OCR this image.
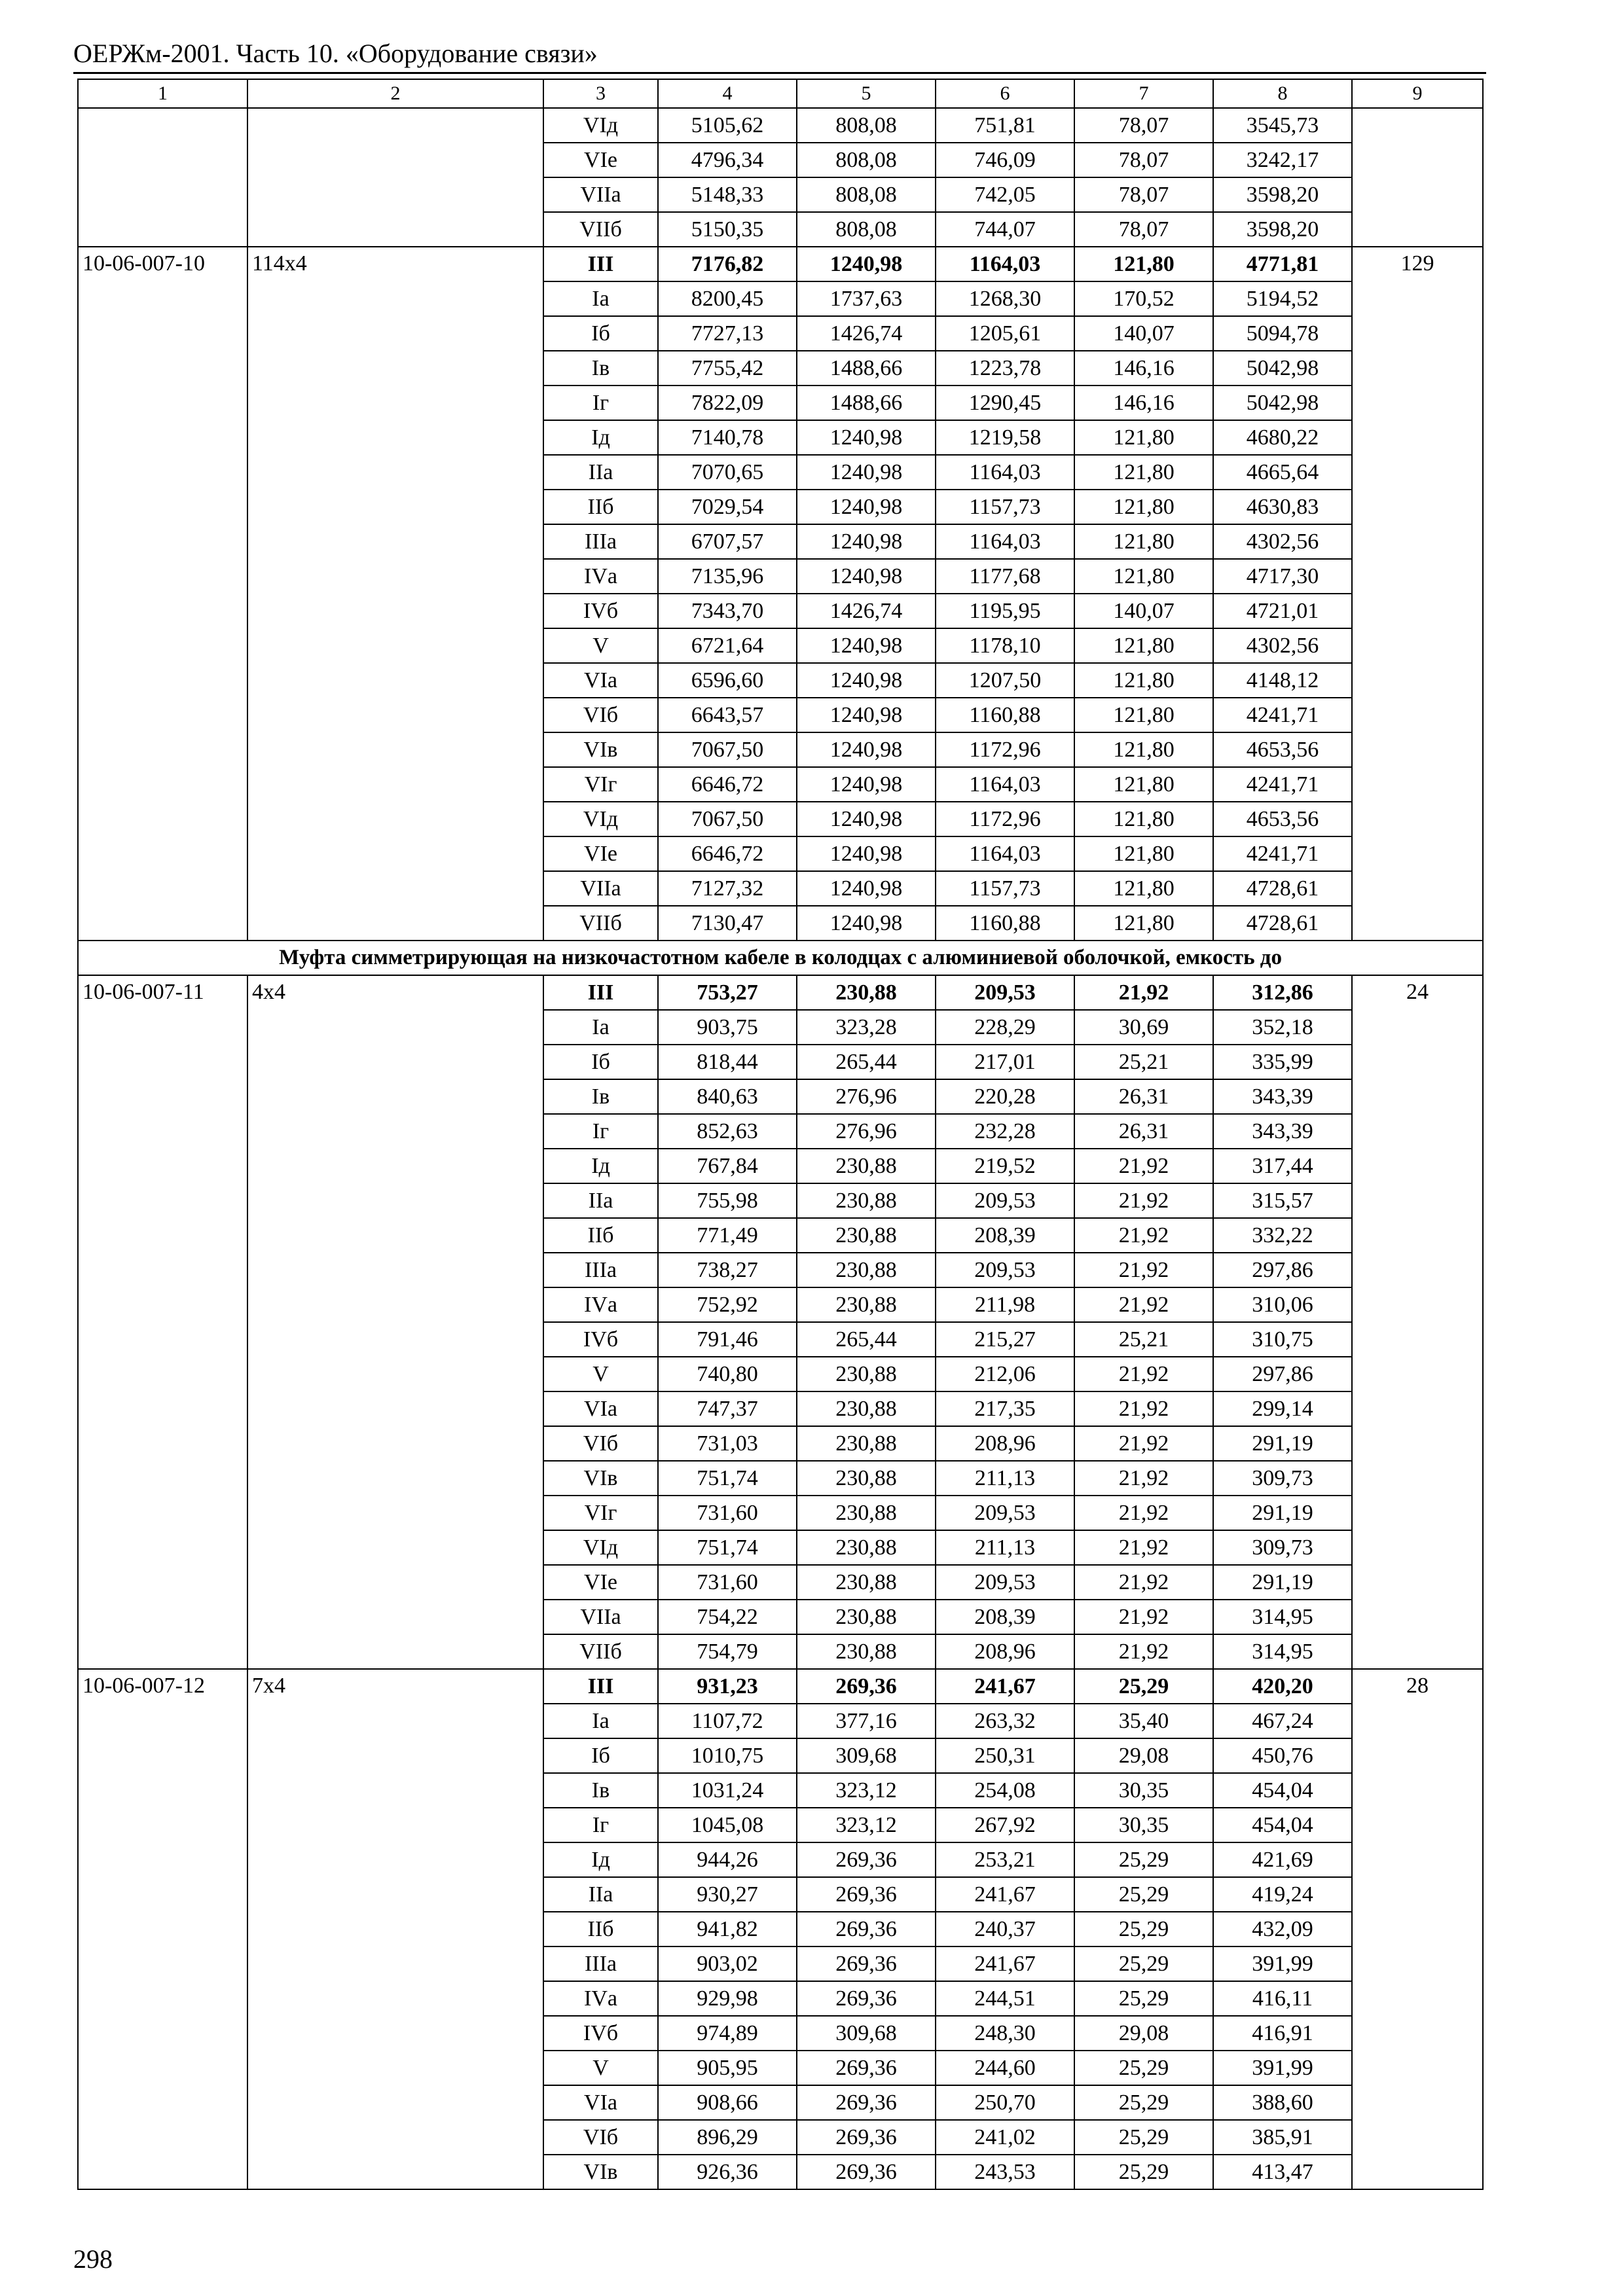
ОЕРЖм-2001. Часть 10. «Оборудование связи»
1	2	3	4	5	6	7	8	9
		VIд	5105,62	808,08	751,81	78,07	3545,73	
		VIе	4796,34	808,08	746,09	78,07	3242,17	
		VIIа	5148,33	808,08	742,05	78,07	3598,20	
		VIIб	5150,35	808,08	744,07	78,07	3598,20	
10-06-007-10	114x4	III	7176,82	1240,98	1164,03	121,80	4771,81	129
		Iа	8200,45	1737,63	1268,30	170,52	5194,52	
		Iб	7727,13	1426,74	1205,61	140,07	5094,78	
		Iв	7755,42	1488,66	1223,78	146,16	5042,98	
		Iг	7822,09	1488,66	1290,45	146,16	5042,98	
		Iд	7140,78	1240,98	1219,58	121,80	4680,22	
		IIа	7070,65	1240,98	1164,03	121,80	4665,64	
		IIб	7029,54	1240,98	1157,73	121,80	4630,83	
		IIIа	6707,57	1240,98	1164,03	121,80	4302,56	
		IVа	7135,96	1240,98	1177,68	121,80	4717,30	
		IVб	7343,70	1426,74	1195,95	140,07	4721,01	
		V	6721,64	1240,98	1178,10	121,80	4302,56	
		VIа	6596,60	1240,98	1207,50	121,80	4148,12	
		VIб	6643,57	1240,98	1160,88	121,80	4241,71	
		VIв	7067,50	1240,98	1172,96	121,80	4653,56	
		VIг	6646,72	1240,98	1164,03	121,80	4241,71	
		VIд	7067,50	1240,98	1172,96	121,80	4653,56	
		VIе	6646,72	1240,98	1164,03	121,80	4241,71	
		VIIа	7127,32	1240,98	1157,73	121,80	4728,61	
		VIIб	7130,47	1240,98	1160,88	121,80	4728,61	
Муфта симметрирующая на низкочастотном кабеле в колодцах с алюминиевой оболочкой, емкость до								
10-06-007-11	4x4	III	753,27	230,88	209,53	21,92	312,86	24
		Iа	903,75	323,28	228,29	30,69	352,18	
		Iб	818,44	265,44	217,01	25,21	335,99	
		Iв	840,63	276,96	220,28	26,31	343,39	
		Iг	852,63	276,96	232,28	26,31	343,39	
		Iд	767,84	230,88	219,52	21,92	317,44	
		IIа	755,98	230,88	209,53	21,92	315,57	
		IIб	771,49	230,88	208,39	21,92	332,22	
		IIIа	738,27	230,88	209,53	21,92	297,86	
		IVа	752,92	230,88	211,98	21,92	310,06	
		IVб	791,46	265,44	215,27	25,21	310,75	
		V	740,80	230,88	212,06	21,92	297,86	
		VIа	747,37	230,88	217,35	21,92	299,14	
		VIб	731,03	230,88	208,96	21,92	291,19	
		VIв	751,74	230,88	211,13	21,92	309,73	
		VIг	731,60	230,88	209,53	21,92	291,19	
		VIд	751,74	230,88	211,13	21,92	309,73	
		VIе	731,60	230,88	209,53	21,92	291,19	
		VIIа	754,22	230,88	208,39	21,92	314,95	
		VIIб	754,79	230,88	208,96	21,92	314,95	
10-06-007-12	7x4	III	931,23	269,36	241,67	25,29	420,20	28
		Iа	1107,72	377,16	263,32	35,40	467,24	
		Iб	1010,75	309,68	250,31	29,08	450,76	
		Iв	1031,24	323,12	254,08	30,35	454,04	
		Iг	1045,08	323,12	267,92	30,35	454,04	
		Iд	944,26	269,36	253,21	25,29	421,69	
		IIа	930,27	269,36	241,67	25,29	419,24	
		IIб	941,82	269,36	240,37	25,29	432,09	
		IIIа	903,02	269,36	241,67	25,29	391,99	
		IVа	929,98	269,36	244,51	25,29	416,11	
		IVб	974,89	309,68	248,30	29,08	416,91	
		V	905,95	269,36	244,60	25,29	391,99	
		VIа	908,66	269,36	250,70	25,29	388,60	
		VIб	896,29	269,36	241,02	25,29	385,91	
		VIв	926,36	269,36	243,53	25,29	413,47	
298
